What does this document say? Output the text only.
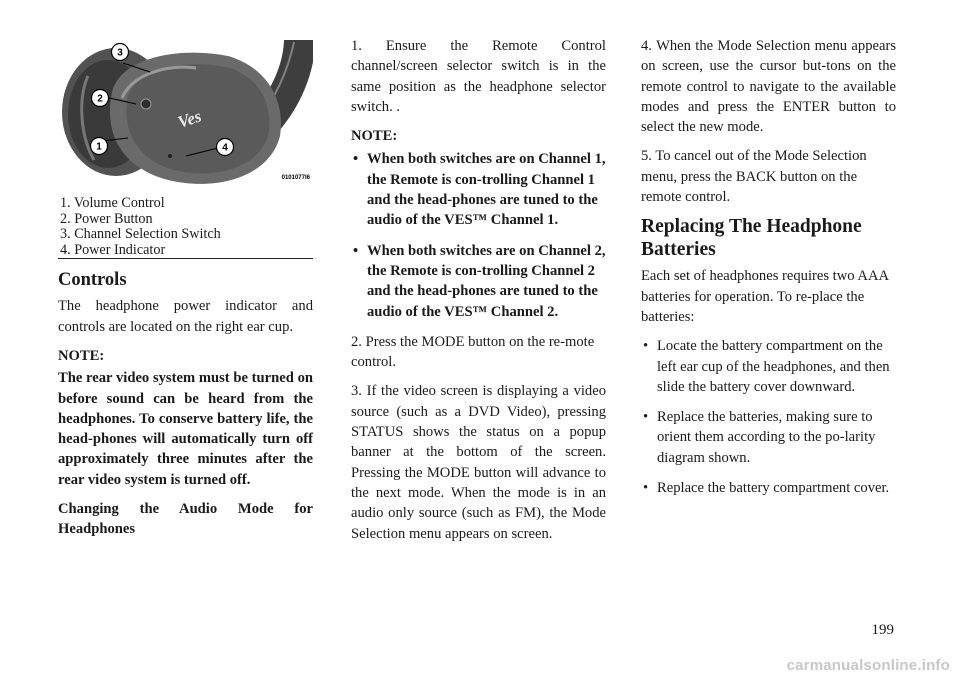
Ves
3
2
1	4
0101077I6
1. Volume Control
2. Power Button
3. Channel Selection Switch
4. Power Indicator
Controls

The headphone power indicator and controls are located on the right ear cup.

NOTE:

The rear video system must be turned on before sound can be heard from the headphones. To conserve battery life, the head-phones will automatically turn off approximately three minutes after the rear video system is turned off.

Changing the Audio Mode for Headphones

1. Ensure the Remote Control channel/screen selector switch is in the same position as the headphone selector switch. .

NOTE:

• When both switches are on Channel 1, the Remote is con-trolling Channel 1 and the head-phones are tuned to the audio of the VES™ Channel 1.
• When both switches are on Channel 2, the Remote is con-trolling Channel 2 and the head-phones are tuned to the audio of the VES™ Channel 2.

2. Press the MODE button on the re-mote control.

3. If the video screen is displaying a video source (such as a DVD Video), pressing STATUS shows the status on a popup banner at the bottom of the screen. Pressing the MODE button will advance to the next mode. When the mode is in an audio only source (such as FM), the Mode Selection menu appears on screen.

4. When the Mode Selection menu appears on screen, use the cursor but-tons on the remote control to navigate to the available modes and press the ENTER button to select the new mode.

5. To cancel out of the Mode Selection menu, press the BACK button on the remote control.

Replacing The Headphone Batteries

Each set of headphones requires two AAA batteries for operation. To re-place the batteries:

• Locate the battery compartment on the left ear cup of the headphones, and then slide the battery cover downward.
• Replace the batteries, making sure to orient them according to the po-larity diagram shown.
• Replace the battery compartment cover.
199
carmanualsonline.info
